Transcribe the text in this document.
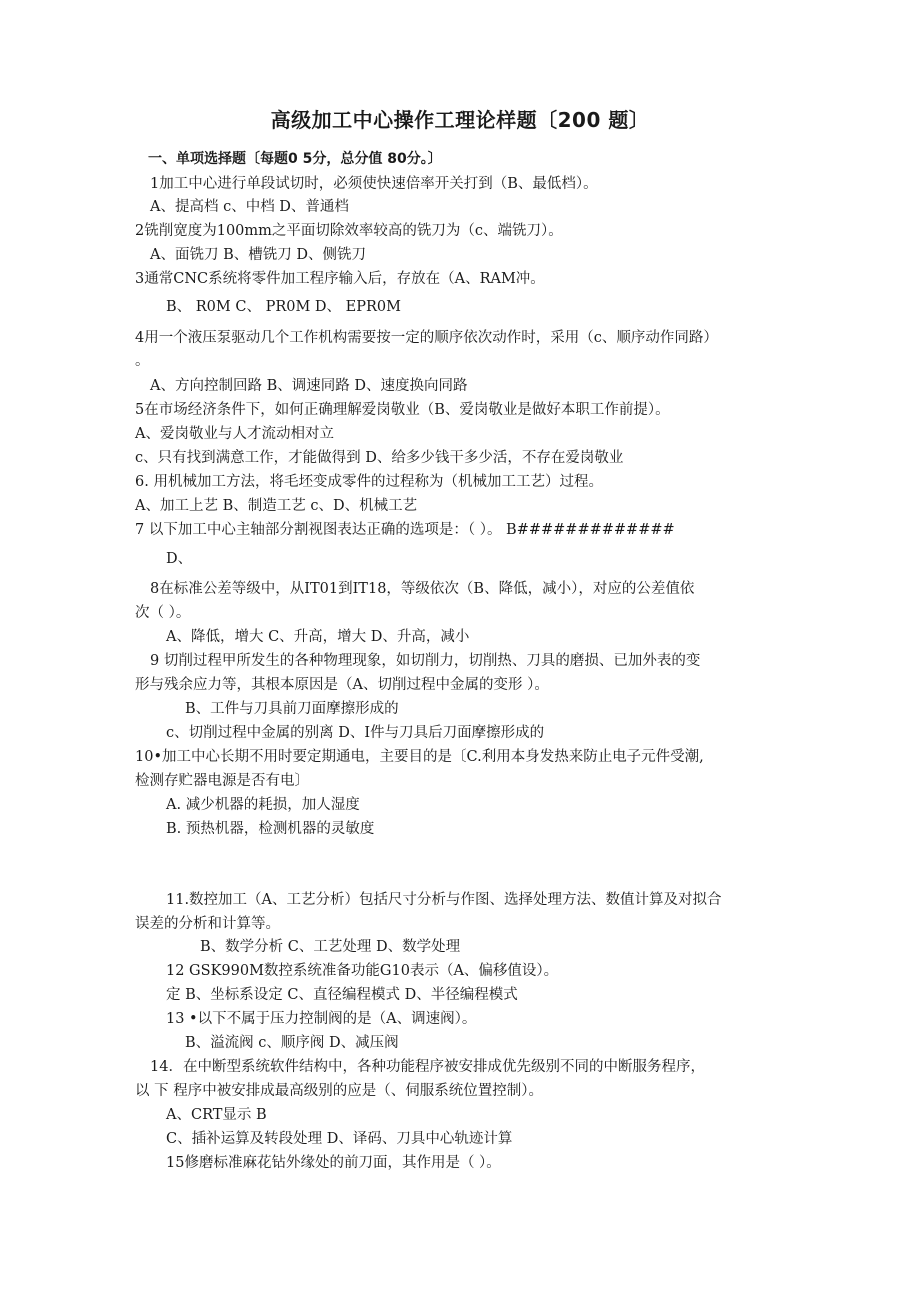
高级加工中心操作工理论样题〔200 题〕
一、单项选择题〔每题0 5分，总分值 80分。〕
1加工中心进行单段试切时，必须使快速倍率开关打到（B、最低档）。
A、提高档 c、中档 D、普通档
2铣削宽度为100mm之平面切除效率较高的铣刀为（c、端铣刀）。
A、面铣刀 B、槽铣刀 D、侧铣刀
3通常CNC系统将零件加工程序输入后，存放在（A、RAM冲。
B、 R0M C、 PR0M D、 EPR0M
4用一个液压泵驱动几个工作机构需要按一定的顺序依次动作时，采用（c、顺序动作同路）
。
A、方向控制回路 B、调速同路 D、速度换向同路
5在市场经济条件下，如何正确理解爱岗敬业（B、爱岗敬业是做好本职工作前提）。
A、爱岗敬业与人才流动相对立
c、只有找到满意工作，才能做得到 D、给多少钱干多少活，不存在爱岗敬业
6. 用机械加工方法，将毛坯变成零件的过程称为（机械加工工艺）过程。
A、加工上艺 B、制造工艺 c、D、机械工艺
7 以下加工中心主轴部分割视图表达正确的选项是：（ ）。 B#############
D、
8在标准公差等级中，从IT01到IT18，等级依次（B、降低，减小），对应的公差值依
次（ ）。
A、降低，增大 C、升高，增大 D、升高，减小
9 切削过程甲所发生的各种物理现象，如切削力，切削热、刀具的磨损、已加外表的变
形与残余应力等，其根本原因是（A、切削过程中金属的变形 ）。
B、工件与刀具前刀面摩擦形成的
c、切削过程中金属的别离 D、I件与刀具后刀面摩擦形成的
10•加工中心长期不用时要定期通电，主要目的是〔C.利用本身发热来防止电子元件受潮,
检测存贮器电源是否有电〕
A. 减少机器的耗损，加人湿度
B. 预热机器，检测机器的灵敏度
11.数控加工（A、工艺分析）包括尺寸分析与作图、选择处理方法、数值计算及对拟合
误差的分析和计算等。
B、数学分析 C、工艺处理 D、数学处理
12 GSK990M数控系统准备功能G10表示（A、偏移值设）。
定 B、坐标系设定 C、直径编程模式 D、半径编程模式
13 •以下不属于压力控制阀的是（A、调速阀）。
B、溢流阀 c、顺序阀 D、减压阀
14．在中断型系统软件结构中，各种功能程序被安排成优先级别不同的中断服务程序，
以 下 程序中被安排成最高级别的应是（、伺服系统位置控制）。
A、CRT显示 B
C、插补运算及转段处理 D、译码、刀具中心轨迹计算
15修磨标准麻花钻外缘处的前刀面，其作用是（ ）。
